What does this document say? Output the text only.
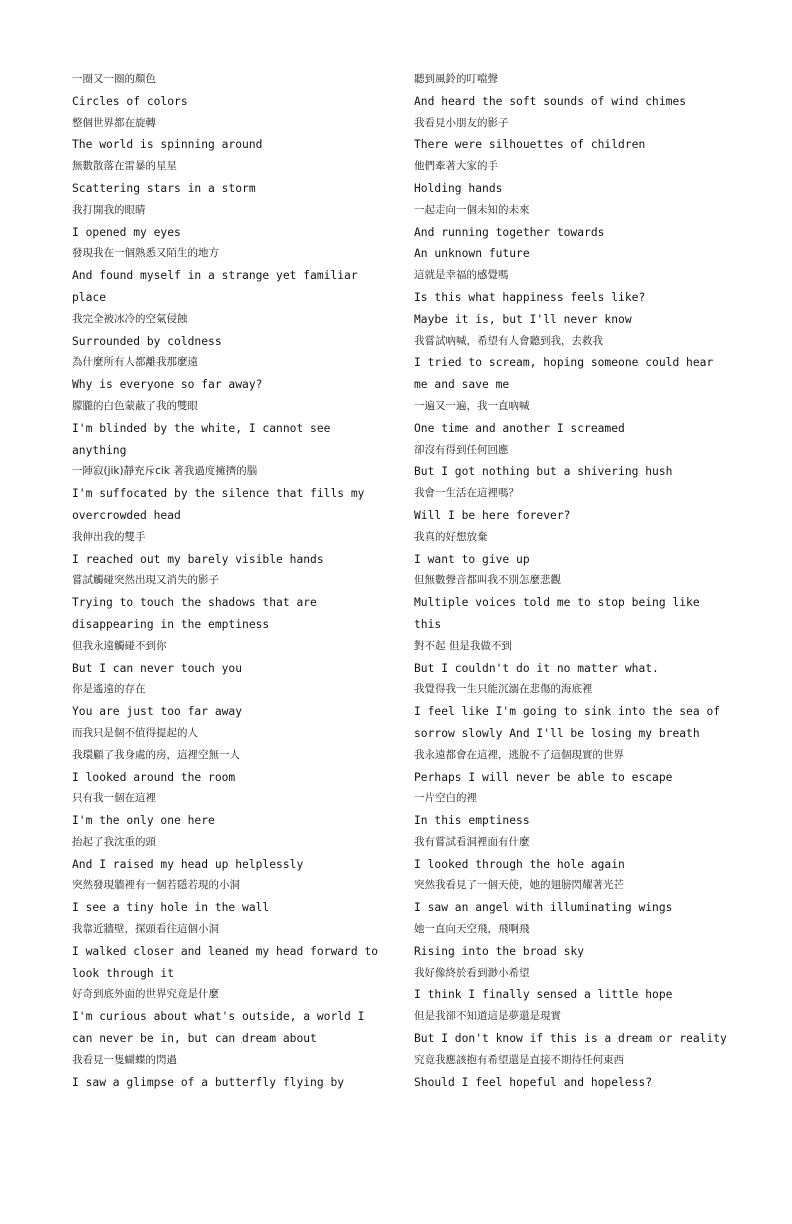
一圈又一圈的顏色
Circles of colors
整個世界都在旋轉
The world is spinning around
無數散落在雷暴的星星
Scattering stars in a storm
我打開我的眼睛
I opened my eyes
發現我在一個熟悉又陌生的地方
And found myself in a strange yet familiar
place
我完全被冰冷的空氣侵蝕
Surrounded by coldness
為什麼所有人都離我那麼遠
Why is everyone so far away?
朦朧的白色蒙蔽了我的雙眼
I'm blinded by the white, I cannot see
anything
一陣寂(jik)靜充斥cik 著我過度擁擠的腦
I'm suffocated by the silence that fills my
overcrowded head
我伸出我的雙手
I reached out my barely visible hands
嘗試觸碰突然出現又消失的影子
Trying to touch the shadows that are
disappearing in the emptiness
但我永遠觸碰不到你
But I can never touch you
你是遙遠的存在
You are just too far away
而我只是個不值得提起的人
我環顧了我身處的房，這裡空無一人
I looked around the room
只有我一個在這裡
I'm the only one here
抬起了我沈重的頭
And I raised my head up helplessly
突然發現牆裡有一個若隱若現的小洞
I see a tiny hole in the wall
我靠近牆壁，探頭看往這個小洞
I walked closer and leaned my head forward to
look through it
好奇到底外面的世界究竟是什麼
I'm curious about what's outside, a world I
can never be in, but can dream about
我看見一隻蝴蝶的閃過
I saw a glimpse of a butterfly flying by
聽到風鈴的叮噹聲
And heard the soft sounds of wind chimes
我看見小朋友的影子
There were silhouettes of children
他們牽著大家的手
Holding hands
一起走向一個未知的未來
And running together towards
An unknown future
這就是幸福的感覺嗎
Is this what happiness feels like?
Maybe it is, but I'll never know
我嘗試吶喊，希望有人會聽到我，去救我
I tried to scream, hoping someone could hear
me and save me
一遍又一遍，我一直吶喊
One time and another I screamed
卻沒有得到任何回應
But I got nothing but a shivering hush
我會一生活在這裡嗎？
Will I be here forever?
我真的好想放棄
I want to give up
但無數聲音都叫我不別怎麼悲觀
Multiple voices told me to stop being like
this
對不起 但是我做不到
But I couldn't do it no matter what.
我覺得我一生只能沉溺在悲傷的海底裡
I feel like I'm going to sink into the sea of
sorrow slowly And I'll be losing my breath
我永遠都會在這裡，逃脫不了這個現實的世界
Perhaps I will never be able to escape
一片空白的裡
In this emptiness
我有嘗試看洞裡面有什麼
I looked through the hole again
突然我看見了一個天使，她的翅膀閃耀著光芒
I saw an angel with illuminating wings
她一直向天空飛，飛啊飛
Rising into the broad sky
我好像終於看到渺小希望
I think I finally sensed a little hope
但是我卻不知道這是夢還是現實
But I don't know if this is a dream or reality
究竟我應該抱有希望還是直接不期待任何東西
Should I feel hopeful and hopeless?
